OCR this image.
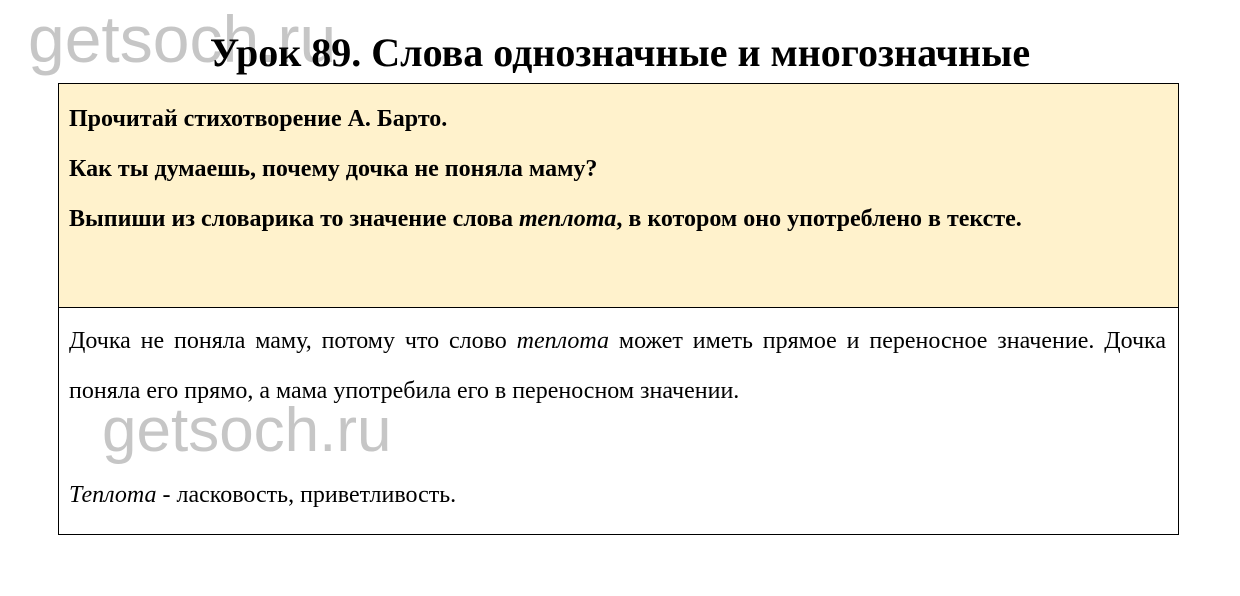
getsoch.ru
Урок 89. Слова однозначные и многозначные

Прочитай стихотворение А. Барто.

Как ты думаешь, почему дочка не поняла маму?

Выпиши из словарика то значение слова теплота, в котором оно употреблено в тексте.

Дочка не поняла маму, потому что слово теплота может иметь прямое и переносное значение. Дочка поняла его прямо, а мама употребила его в переносном значении.

Теплота - ласковость, приветливость.

getsoch.ru
